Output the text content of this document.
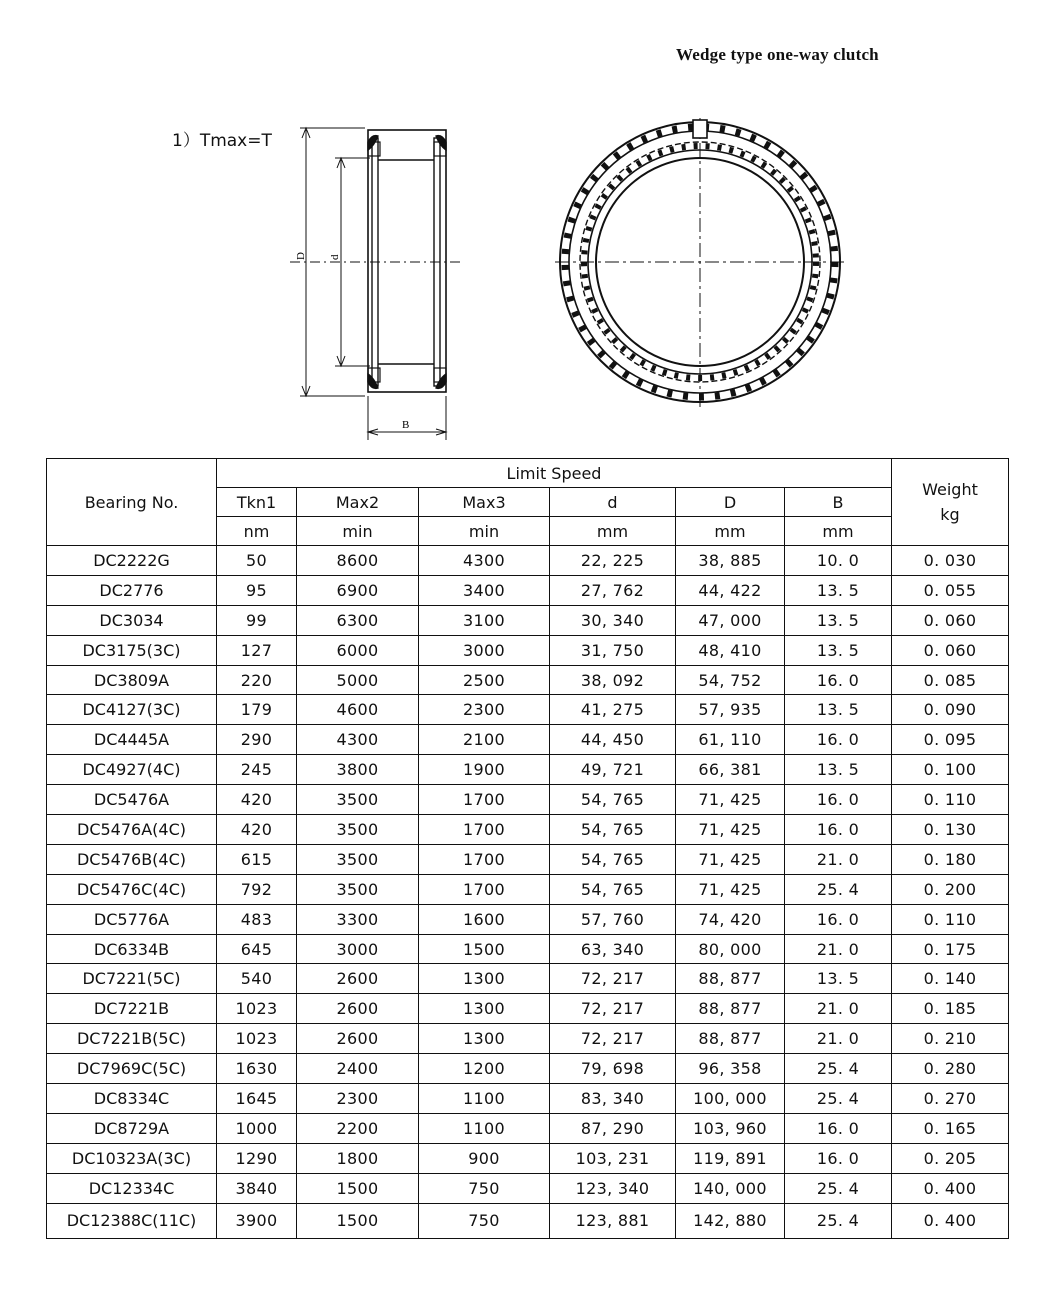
Wedge type one-way clutch
1）Tmax=T
D d
B
Bearing No.	Limit Speed						Weight
kg

	Tkn1	Max2	Max3	d	D	B	
	nm	min	min	mm	mm	mm	
DC2222G	50	8600	4300	22, 225	38, 885	10. 0	0. 030
DC2776	95	6900	3400	27, 762	44, 422	13. 5	0. 055
DC3034	99	6300	3100	30, 340	47, 000	13. 5	0. 060
DC3175(3C)	127	6000	3000	31, 750	48, 410	13. 5	0. 060
DC3809A	220	5000	2500	38, 092	54, 752	16. 0	0. 085
DC4127(3C)	179	4600	2300	41, 275	57, 935	13. 5	0. 090
DC4445A	290	4300	2100	44, 450	61, 110	16. 0	0. 095
DC4927(4C)	245	3800	1900	49, 721	66, 381	13. 5	0. 100
DC5476A	420	3500	1700	54, 765	71, 425	16. 0	0. 110
DC5476A(4C)	420	3500	1700	54, 765	71, 425	16. 0	0. 130
DC5476B(4C)	615	3500	1700	54, 765	71, 425	21. 0	0. 180
DC5476C(4C)	792	3500	1700	54, 765	71, 425	25. 4	0. 200
DC5776A	483	3300	1600	57, 760	74, 420	16. 0	0. 110
DC6334B	645	3000	1500	63, 340	80, 000	21. 0	0. 175
DC7221(5C)	540	2600	1300	72, 217	88, 877	13. 5	0. 140
DC7221B	1023	2600	1300	72, 217	88, 877	21. 0	0. 185
DC7221B(5C)	1023	2600	1300	72, 217	88, 877	21. 0	0. 210
DC7969C(5C)	1630	2400	1200	79, 698	96, 358	25. 4	0. 280
DC8334C	1645	2300	1100	83, 340	100, 000	25. 4	0. 270
DC8729A	1000	2200	1100	87, 290	103, 960	16. 0	0. 165
DC10323A(3C)	1290	1800	900	103, 231	119, 891	16. 0	0. 205
DC12334C	3840	1500	750	123, 340	140, 000	25. 4	0. 400
DC12388C(11C)	3900	1500	750	123, 881	142, 880	25. 4	0. 400
